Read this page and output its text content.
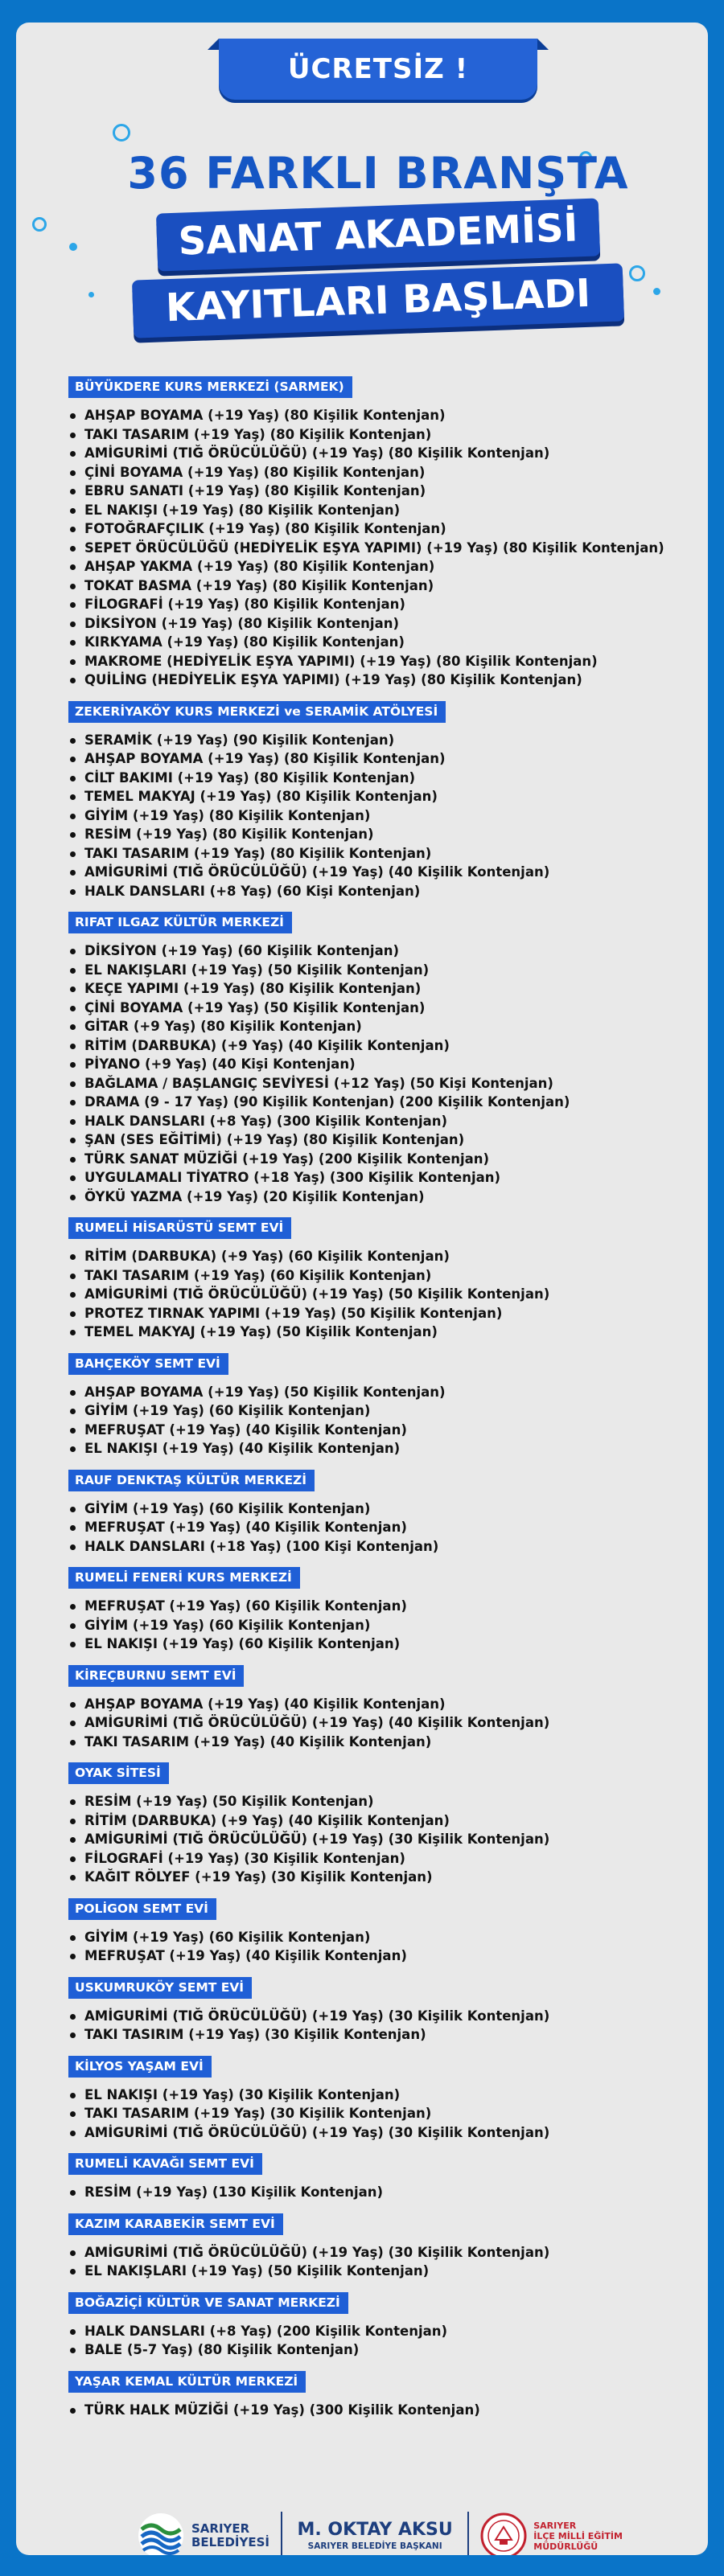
ÜCRETSİZ !
36 FARKLI BRANŞTA
SANAT AKADEMİSİ
KAYITLARI BAŞLADI
BÜYÜKDERE KURS MERKEZİ (SARMEK)
AHŞAP BOYAMA (+19 Yaş) (80 Kişilik Kontenjan)
TAKI TASARIM (+19 Yaş) (80 Kişilik Kontenjan)
AMİGURİMİ (TIĞ ÖRÜCÜLÜĞÜ) (+19 Yaş) (80 Kişilik Kontenjan)
ÇİNİ BOYAMA (+19 Yaş) (80 Kişilik Kontenjan)
EBRU SANATI (+19 Yaş) (80 Kişilik Kontenjan)
EL NAKIŞI (+19 Yaş) (80 Kişilik Kontenjan)
FOTOĞRAFÇILIK (+19 Yaş) (80 Kişilik Kontenjan)
SEPET ÖRÜCÜLÜĞÜ (HEDİYELİK EŞYA YAPIMI) (+19 Yaş) (80 Kişilik Kontenjan)
AHŞAP YAKMA (+19 Yaş) (80 Kişilik Kontenjan)
TOKAT BASMA (+19 Yaş) (80 Kişilik Kontenjan)
FİLOGRAFİ (+19 Yaş) (80 Kişilik Kontenjan)
DİKSİYON (+19 Yaş) (80 Kişilik Kontenjan)
KIRKYAMA (+19 Yaş) (80 Kişilik Kontenjan)
MAKROME (HEDİYELİK EŞYA YAPIMI) (+19 Yaş) (80 Kişilik Kontenjan)
QUİLİNG (HEDİYELİK EŞYA YAPIMI) (+19 Yaş) (80 Kişilik Kontenjan)
ZEKERİYAKÖY KURS MERKEZİ ve SERAMİK ATÖLYESİ
SERAMİK (+19 Yaş) (90 Kişilik Kontenjan)
AHŞAP BOYAMA (+19 Yaş) (80 Kişilik Kontenjan)
CİLT BAKIMI (+19 Yaş) (80 Kişilik Kontenjan)
TEMEL MAKYAJ (+19 Yaş) (80 Kişilik Kontenjan)
GİYİM (+19 Yaş) (80 Kişilik Kontenjan)
RESİM (+19 Yaş) (80 Kişilik Kontenjan)
TAKI TASARIM (+19 Yaş) (80 Kişilik Kontenjan)
AMİGURİMİ (TIĞ ÖRÜCÜLÜĞÜ) (+19 Yaş) (40 Kişilik Kontenjan)
HALK DANSLARI (+8 Yaş) (60 Kişi Kontenjan)
RIFAT ILGAZ KÜLTÜR MERKEZİ
DİKSİYON (+19 Yaş) (60 Kişilik Kontenjan)
EL NAKIŞLARI (+19 Yaş) (50 Kişilik Kontenjan)
KEÇE YAPIMI (+19 Yaş) (80 Kişilik Kontenjan)
ÇİNİ BOYAMA (+19 Yaş) (50 Kişilik Kontenjan)
GİTAR (+9 Yaş) (80 Kişilik Kontenjan)
RİTİM (DARBUKA) (+9 Yaş) (40 Kişilik Kontenjan)
PİYANO (+9 Yaş) (40 Kişi Kontenjan)
BAĞLAMA / BAŞLANGIÇ SEVİYESİ (+12 Yaş) (50 Kişi Kontenjan)
DRAMA (9 - 17 Yaş) (90 Kişilik Kontenjan) (200 Kişilik Kontenjan)
HALK DANSLARI (+8 Yaş) (300 Kişilik Kontenjan)
ŞAN (SES EĞİTİMİ) (+19 Yaş) (80 Kişilik Kontenjan)
TÜRK SANAT MÜZİĞİ (+19 Yaş) (200 Kişilik Kontenjan)
UYGULAMALI TİYATRO (+18 Yaş) (300 Kişilik Kontenjan)
ÖYKÜ YAZMA (+19 Yaş) (20 Kişilik Kontenjan)
RUMELİ HİSARÜSTÜ SEMT EVİ
RİTİM (DARBUKA) (+9 Yaş) (60 Kişilik Kontenjan)
TAKI TASARIM (+19 Yaş) (60 Kişilik Kontenjan)
AMİGURİMİ (TIĞ ÖRÜCÜLÜĞÜ) (+19 Yaş) (50 Kişilik Kontenjan)
PROTEZ TIRNAK YAPIMI (+19 Yaş) (50 Kişilik Kontenjan)
TEMEL MAKYAJ (+19 Yaş) (50 Kişilik Kontenjan)
BAHÇEKÖY SEMT EVİ
AHŞAP BOYAMA (+19 Yaş) (50 Kişilik Kontenjan)
GİYİM (+19 Yaş) (60 Kişilik Kontenjan)
MEFRUŞAT (+19 Yaş) (40 Kişilik Kontenjan)
EL NAKIŞI (+19 Yaş) (40 Kişilik Kontenjan)
RAUF DENKTAŞ KÜLTÜR MERKEZİ
GİYİM (+19 Yaş) (60 Kişilik Kontenjan)
MEFRUŞAT (+19 Yaş) (40 Kişilik Kontenjan)
HALK DANSLARI (+18 Yaş) (100 Kişi Kontenjan)
RUMELİ FENERİ KURS MERKEZİ
MEFRUŞAT (+19 Yaş) (60 Kişilik Kontenjan)
GİYİM (+19 Yaş) (60 Kişilik Kontenjan)
EL NAKIŞI (+19 Yaş) (60 Kişilik Kontenjan)
KİREÇBURNU SEMT EVİ
AHŞAP BOYAMA (+19 Yaş) (40 Kişilik Kontenjan)
AMİGURİMİ (TIĞ ÖRÜCÜLÜĞÜ) (+19 Yaş) (40 Kişilik Kontenjan)
TAKI TASARIM (+19 Yaş) (40 Kişilik Kontenjan)
OYAK SİTESİ
RESİM (+19 Yaş) (50 Kişilik Kontenjan)
RİTİM (DARBUKA) (+9 Yaş) (40 Kişilik Kontenjan)
AMİGURİMİ (TIĞ ÖRÜCÜLÜĞÜ) (+19 Yaş) (30 Kişilik Kontenjan)
FİLOGRAFİ (+19 Yaş) (30 Kişilik Kontenjan)
KAĞIT RÖLYEF (+19 Yaş) (30 Kişilik Kontenjan)
POLİGON SEMT EVİ
GİYİM (+19 Yaş) (60 Kişilik Kontenjan)
MEFRUŞAT (+19 Yaş) (40 Kişilik Kontenjan)
USKUMRUKÖY SEMT EVİ
AMİGURİMİ (TIĞ ÖRÜCÜLÜĞÜ) (+19 Yaş) (30 Kişilik Kontenjan)
TAKI TASIRIM (+19 Yaş) (30 Kişilik Kontenjan)
KİLYOS YAŞAM EVİ
EL NAKIŞI (+19 Yaş) (30 Kişilik Kontenjan)
TAKI TASARIM (+19 Yaş) (30 Kişilik Kontenjan)
AMİGURİMİ (TIĞ ÖRÜCÜLÜĞÜ) (+19 Yaş) (30 Kişilik Kontenjan)
RUMELİ KAVAĞI SEMT EVİ
RESİM (+19 Yaş) (130 Kişilik Kontenjan)
KAZIM KARABEKİR SEMT EVİ
AMİGURİMİ (TIĞ ÖRÜCÜLÜĞÜ) (+19 Yaş) (30 Kişilik Kontenjan)
EL NAKIŞLARI (+19 Yaş) (50 Kişilik Kontenjan)
BOĞAZİÇİ KÜLTÜR VE SANAT MERKEZİ
HALK DANSLARI (+8 Yaş) (200 Kişilik Kontenjan)
BALE (5-7 Yaş) (80 Kişilik Kontenjan)
YAŞAR KEMAL KÜLTÜR MERKEZİ
TÜRK HALK MÜZİĞİ (+19 Yaş) (300 Kişilik Kontenjan)
SARIYER
BELEDİYESİ
M. OKTAY AKSU
SARIYER BELEDİYE BAŞKANI
SARIYER
İLÇE MİLLİ EĞİTİM
MÜDÜRLÜĞÜ
